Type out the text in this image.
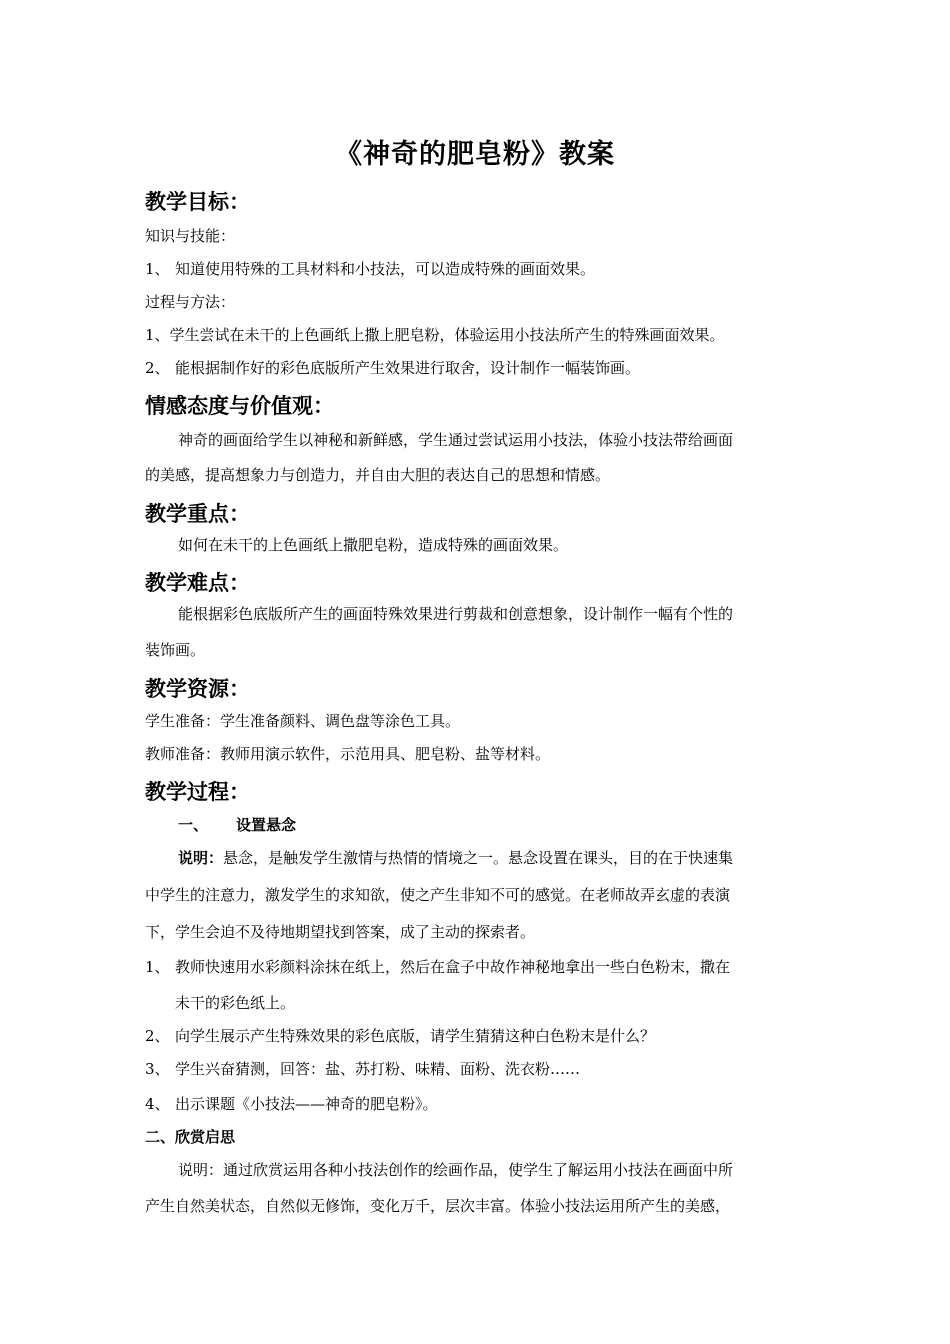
《神奇的肥皂粉》教案
教学目标：
知识与技能：
1、 知道使用特殊的工具材料和小技法，可以造成特殊的画面效果。
过程与方法：
1、学生尝试在未干的上色画纸上撒上肥皂粉，体验运用小技法所产生的特殊画面效果。
2、 能根据制作好的彩色底版所产生效果进行取舍，设计制作一幅装饰画。
情感态度与价值观：
神奇的画面给学生以神秘和新鲜感，学生通过尝试运用小技法，体验小技法带给画面
的美感，提高想象力与创造力，并自由大胆的表达自己的思想和情感。
教学重点：
如何在未干的上色画纸上撒肥皂粉，造成特殊的画面效果。
教学难点：
能根据彩色底版所产生的画面特殊效果进行剪裁和创意想象，设计制作一幅有个性的
装饰画。
教学资源：
学生准备：学生准备颜料、调色盘等涂色工具。
教师准备：教师用演示软件，示范用具、肥皂粉、盐等材料。
教学过程：
一、 设置悬念
说明：悬念，是触发学生激情与热情的情境之一。悬念设置在课头，目的在于快速集
中学生的注意力，激发学生的求知欲，使之产生非知不可的感觉。在老师故弄玄虚的表演
下，学生会迫不及待地期望找到答案，成了主动的探索者。
1、 教师快速用水彩颜料涂抹在纸上，然后在盒子中故作神秘地拿出一些白色粉末，撒在
未干的彩色纸上。
2、 向学生展示产生特殊效果的彩色底版，请学生猜猜这种白色粉末是什么？
3、 学生兴奋猜测，回答：盐、苏打粉、味精、面粉、洗衣粉……
4、 出示课题《小技法——神奇的肥皂粉》。
二、欣赏启思
说明：通过欣赏运用各种小技法创作的绘画作品，使学生了解运用小技法在画面中所
产生自然美状态，自然似无修饰，变化万千，层次丰富。体验小技法运用所产生的美感，
